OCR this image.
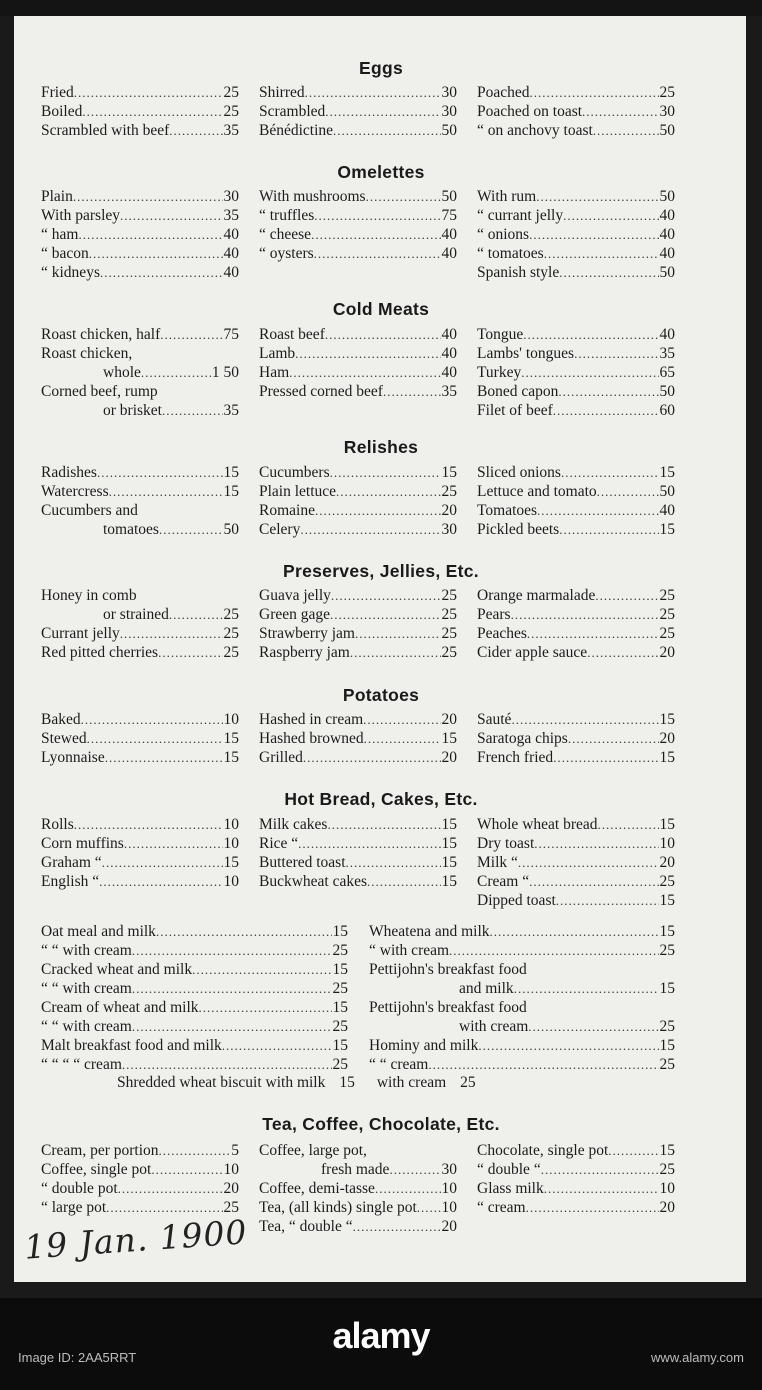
Eggs
Omelettes
Cold Meats
Relishes
Preserves, Jellies, Etc.
Potatoes
Hot Bread, Cakes, Etc.
Tea, Coffee, Chocolate, Etc.
Fried .....	25
Boiled .....	25
Scrambled with beef .....	35
Shirred .....	30
Scrambled .....	30
Bénédictine .....	50
Poached .....	25
Poached on toast .....	30
“ on anchovy toast .....	50
Plain .....	30
With parsley .....	35
“ ham .....	40
“ bacon .....	40
“ kidneys .....	40
With mushrooms .....	50
“ truffles .....	75
“ cheese .....	40
“ oysters .....	40
With rum .....	50
“ currant jelly .....	40
“ onions .....	40
“ tomatoes .....	40
Spanish style .....	50
Roast chicken, half .....	75
Roast chicken,
whole .....	1 50
Corned beef, rump
or brisket .....	35
Roast beef .....	40
Lamb .....	40
Ham .....	40
Pressed corned beef .....	35
Tongue .....	40
Lambs' tongues .....	35
Turkey .....	65
Boned capon .....	50
Filet of beef .....	60
Radishes .....	15
Watercress .....	15
Cucumbers and
tomatoes .....	50
Cucumbers .....	15
Plain lettuce .....	25
Romaine .....	20
Celery .....	30
Sliced onions .....	15
Lettuce and tomato .....	50
Tomatoes .....	40
Pickled beets .....	15
Honey in comb
or strained .....	25
Currant jelly .....	25
Red pitted cherries .....	25
Guava jelly .....	25
Green gage .....	25
Strawberry jam .....	25
Raspberry jam .....	25
Orange marmalade .....	25
Pears .....	25
Peaches .....	25
Cider apple sauce .....	20
Baked .....	10
Stewed .....	15
Lyonnaise .....	15
Hashed in cream .....	20
Hashed browned .....	15
Grilled .....	20
Sauté .....	15
Saratoga chips .....	20
French fried .....	15
Rolls .....	10
Corn muffins .....	10
Graham “ .....	15
English “ .....	10
Milk cakes .....	15
Rice “ .....	15
Buttered toast .....	15
Buckwheat cakes .....	15
Whole wheat bread .....	15
Dry toast .....	10
Milk “ .....	20
Cream “ .....	25
Dipped toast .....	15
Oat meal and milk .....	15
“ “ with cream .....	25
Cracked wheat and milk .....	15
“ “ with cream .....	25
Cream of wheat and milk .....	15
“ “ with cream .....	25
Malt breakfast food and milk .....	15
“ “ “ “ cream .....	25
Wheatena and milk .....	15
“ with cream .....	25
Pettijohn's breakfast food
and milk .....	15
Pettijohn's breakfast food
with cream .....	25
Hominy and milk .....	15
“ “ cream .....	25
Shredded wheat biscuit with milk 15	with cream 25
Cream, per portion .....	5
Coffee, single pot .....	10
“ double pot .....	20
“ large pot .....	25
Coffee, large pot,
fresh made .....	30
Coffee, demi-tasse .....	10
Tea, (all kinds) single pot ..... 10
Tea, “ double “ .....	20
Chocolate, single pot .....	15
“ double “ .....	25
Glass milk .....	10
“ cream .....	20
19 Jan. 1900
alamy
Image ID: 2AA5RRT	www.alamy.com
